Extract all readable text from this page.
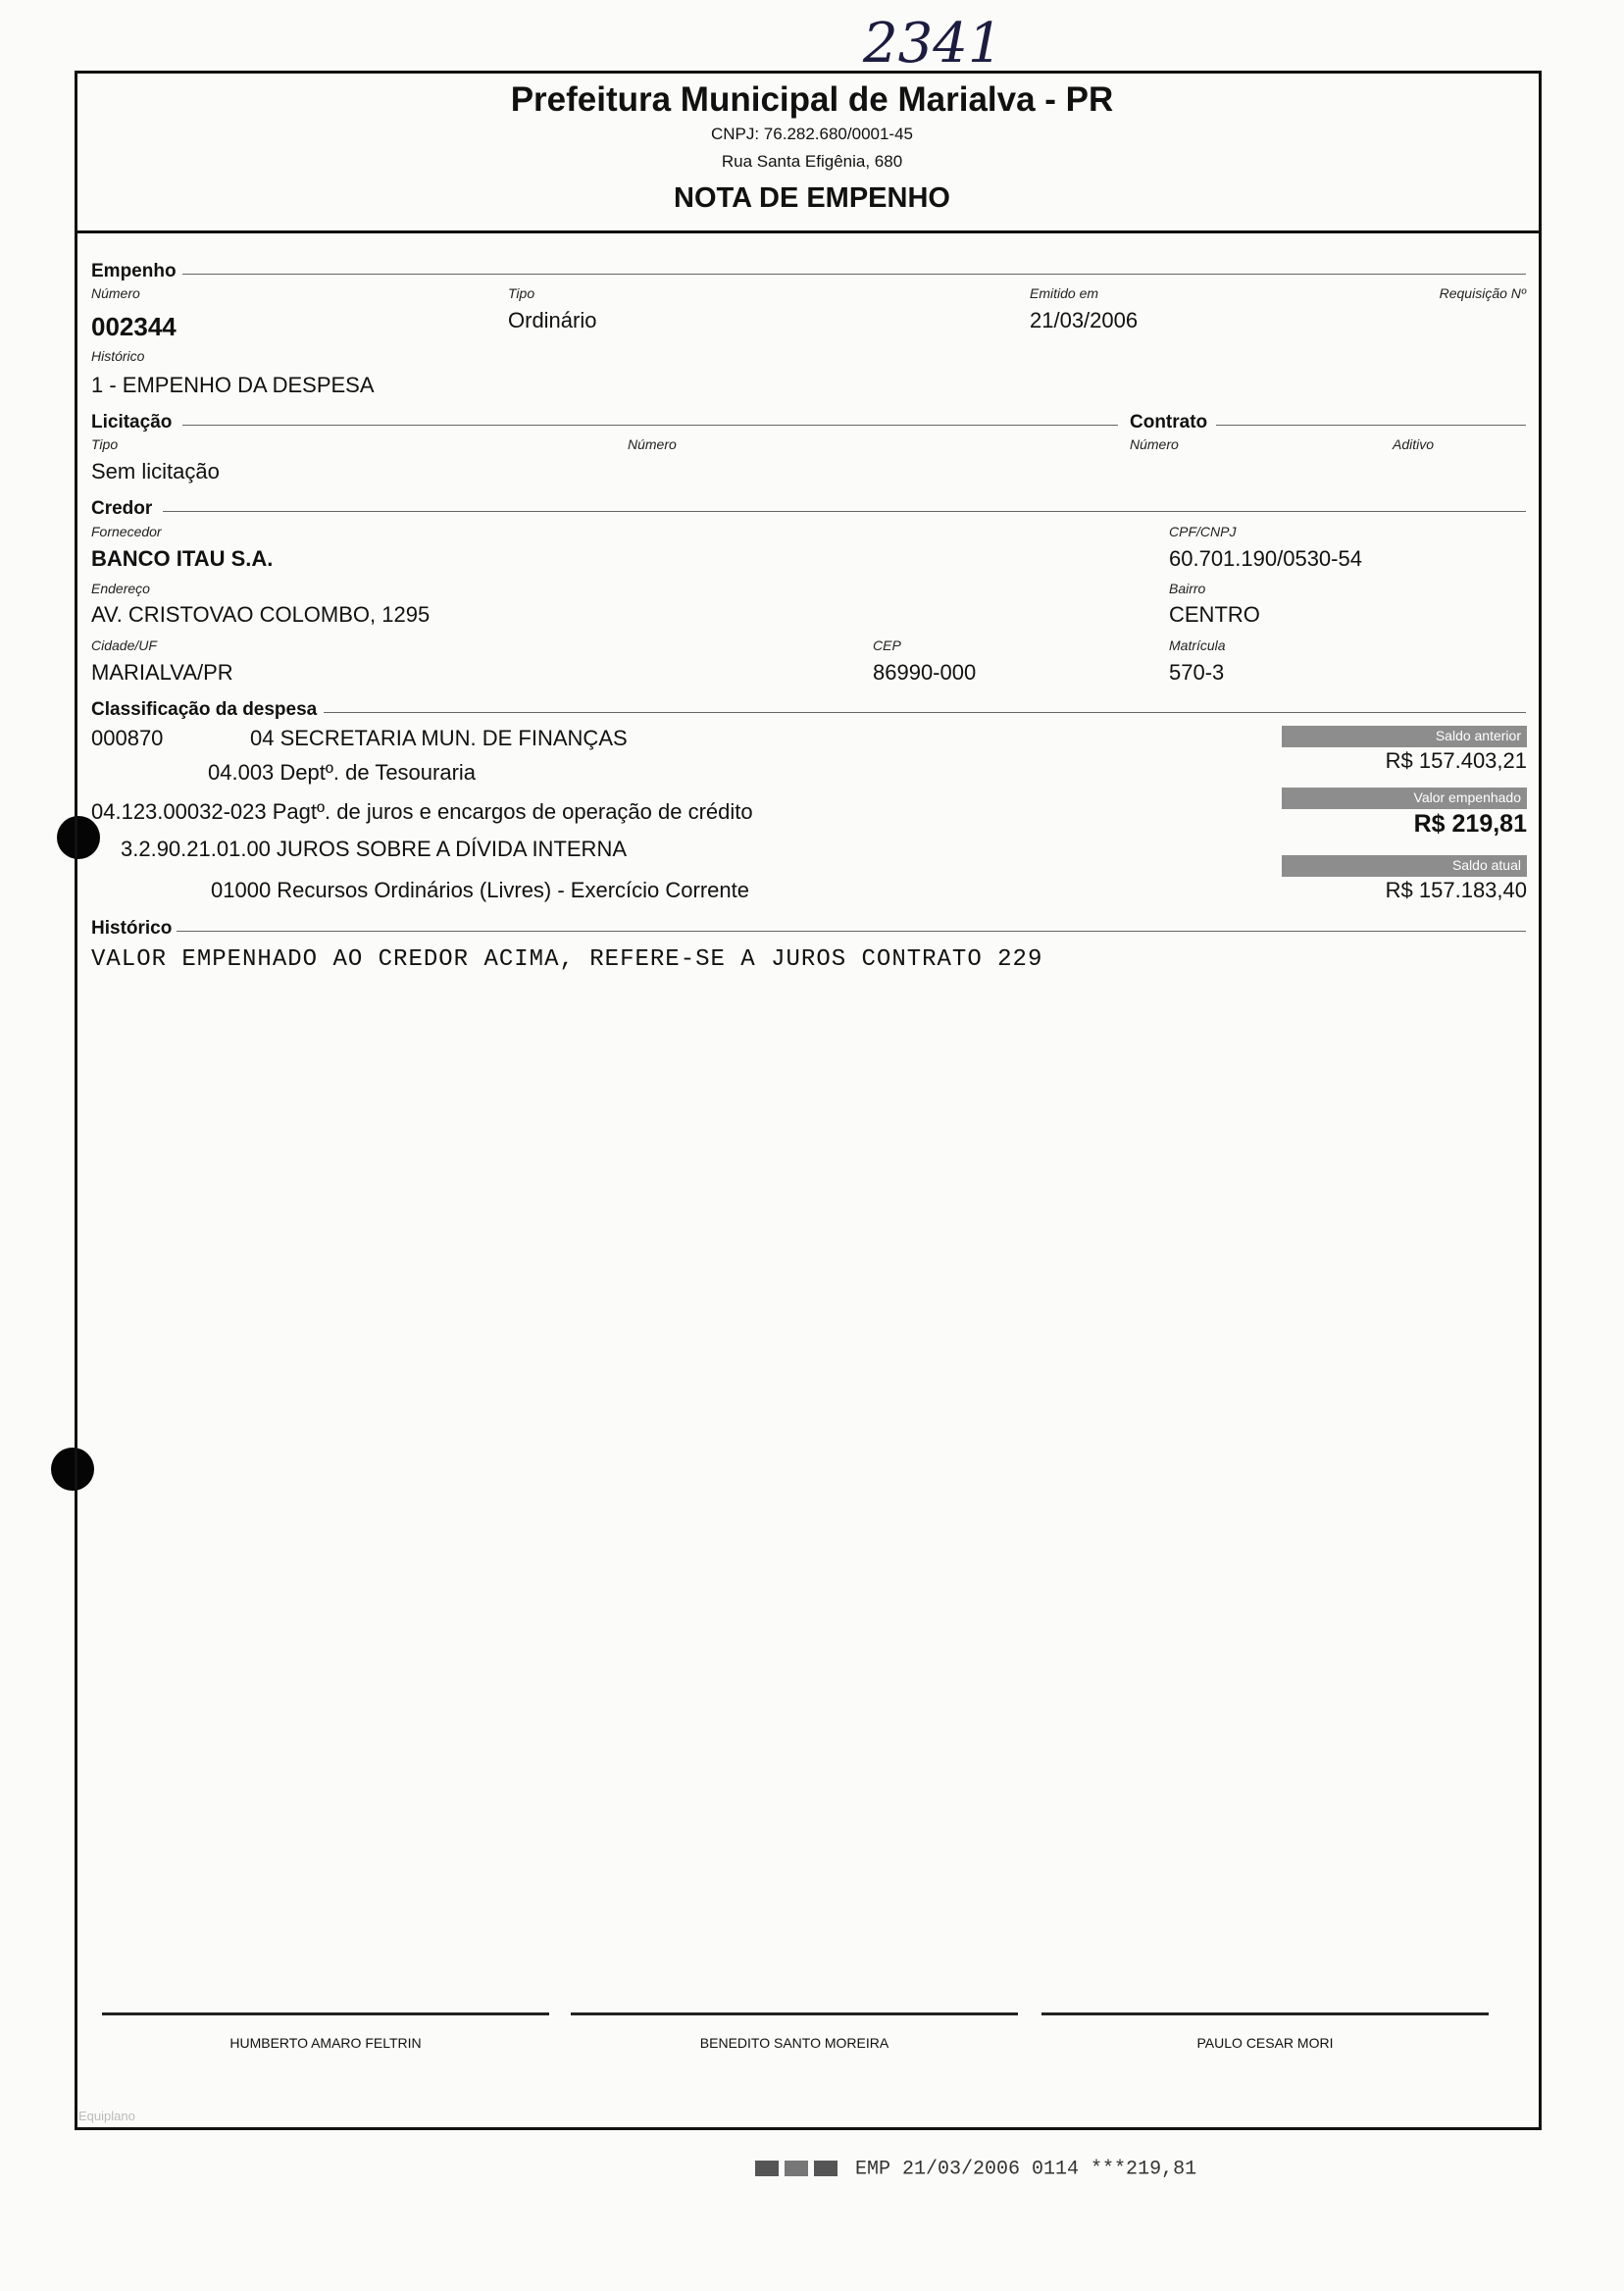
2341
Prefeitura Municipal de Marialva - PR
CNPJ: 76.282.680/0001-45
Rua Santa Efigênia, 680
NOTA DE EMPENHO
Empenho
Número
002344
Tipo
Ordinário
Emitido em
21/03/2006
Requisição Nº
Histórico
1 - EMPENHO DA DESPESA
Licitação	Contrato
Tipo
Sem licitação
Número	Número	Aditivo
Credor
Fornecedor
BANCO ITAU S.A.
CPF/CNPJ
60.701.190/0530-54
Endereço
AV. CRISTOVAO COLOMBO, 1295
Bairro
CENTRO
Cidade/UF
MARIALVA/PR
CEP
86990-000
Matrícula
570-3
Classificação da despesa
000870	04 SECRETARIA MUN. DE FINANÇAS
04.003 Deptº. de Tesouraria
04.123.00032-023 Pagtº. de juros e encargos de operação de crédito
3.2.90.21.01.00 JUROS SOBRE A DÍVIDA INTERNA
01000 Recursos Ordinários (Livres) - Exercício Corrente
Saldo anterior
R$ 157.403,21
Valor empenhado
R$ 219,81
Saldo atual
R$ 157.183,40
Histórico
VALOR EMPENHADO AO CREDOR ACIMA, REFERE-SE A JUROS CONTRATO 229
HUMBERTO AMARO FELTRIN	BENEDITO SANTO MOREIRA	PAULO CESAR MORI
Equiplano
EMP 21/03/2006 0114 ***219,81
